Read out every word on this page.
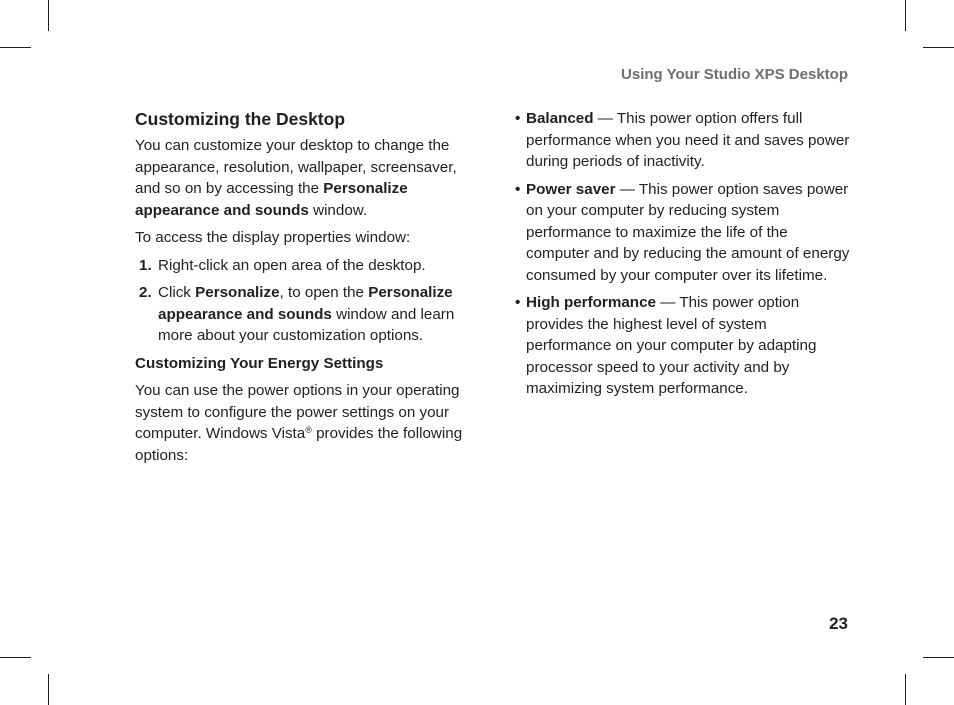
Using Your Studio XPS Desktop
Customizing the Desktop

You can customize your desktop to change the appearance, resolution, wallpaper, screensaver, and so on by accessing the Personalize appearance and sounds window.

To access the display properties window:

1. Right-click an open area of the desktop.
2. Click Personalize, to open the Personalize appearance and sounds window and learn more about your customization options.
Customizing Your Energy Settings

You can use the power options in your operating system to configure the power settings on your computer. Windows Vista® provides the following options:

• Balanced — This power option offers full performance when you need it and saves power during periods of inactivity.
• Power saver — This power option saves power on your computer by reducing system performance to maximize the life of the computer and by reducing the amount of energy consumed by your computer over its lifetime.
• High performance — This power option provides the highest level of system performance on your computer by adapting processor speed to your activity and by maximizing system performance.
23
